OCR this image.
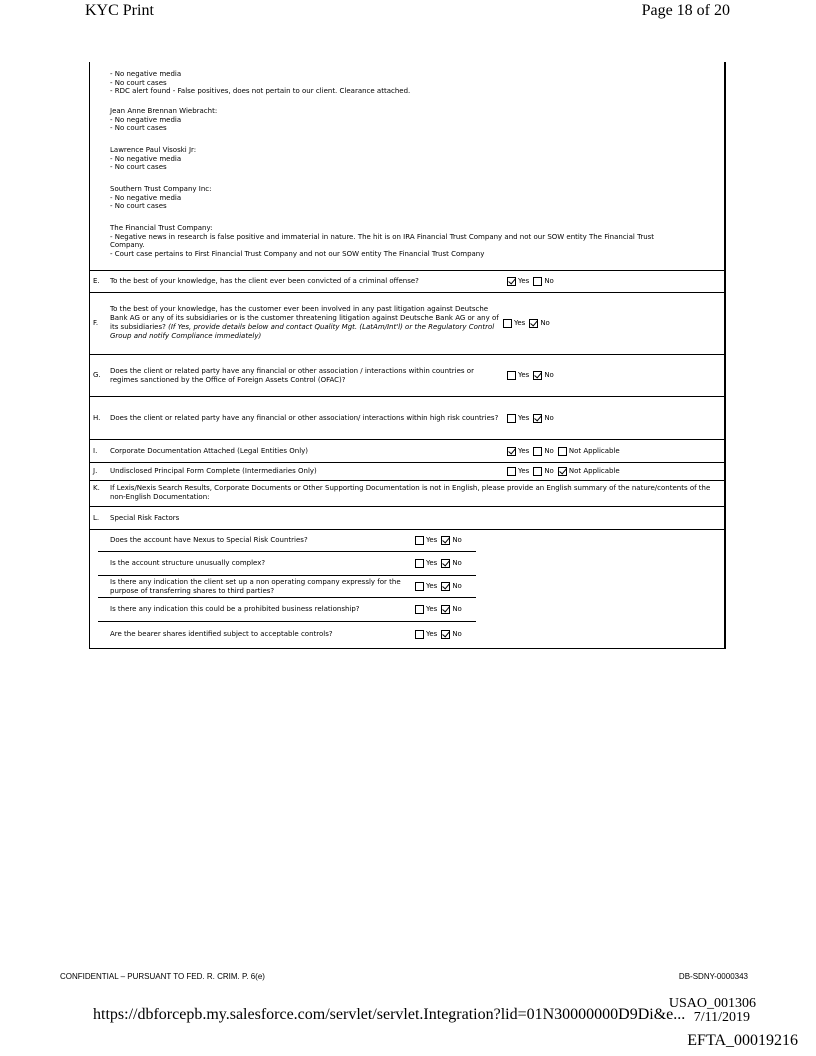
KYC Print	Page 18 of 20
- No negative media
- No court cases
- RDC alert found - False positives, does not pertain to our client. Clearance attached.
Jean Anne Brennan Wiebracht:
- No negative media
- No court cases
Lawrence Paul Visoski Jr:
- No negative media
- No court cases
Southern Trust Company Inc:
- No negative media
- No court cases
The Financial Trust Company:
- Negative news in research is false positive and immaterial in nature. The hit is on IRA Financial Trust Company and not our SOW entity The Financial Trust
Company.
- Court case pertains to First Financial Trust Company and not our SOW entity The Financial Trust Company
E. To the best of your knowledge, has the client ever been convicted of a criminal offense?	Yes No
F.
To the best of your knowledge, has the customer ever been involved in any past litigation against Deutsche Bank AG or any of its subsidiaries or is the customer threatening litigation against Deutsche Bank AG or any of its subsidiaries? (If Yes, provide details below and contact Quality Mgt. (LatAm/Int'l) or the Regulatory Control Group and notify Compliance immediately)
Yes No
G.
Does the client or related party have any financial or other association / interactions within countries or regimes sanctioned by the Office of Foreign Assets Control (OFAC)?
Yes No
H. Does the client or related party have any financial or other association/ interactions within high risk countries?	Yes No
I. Corporate Documentation Attached (Legal Entities Only)	Yes No Not Applicable
J. Undisclosed Principal Form Complete (Intermediaries Only)	Yes No Not Applicable
K. If Lexis/Nexis Search Results, Corporate Documents or Other Supporting Documentation is not in English, please provide an English summary of the nature/contents of the non-English Documentation:
L. Special Risk Factors
Does the account have Nexus to Special Risk Countries?	Yes No
Is the account structure unusually complex?	Yes No
Is there any indication the client set up a non operating company expressly for the purpose of transferring shares to third parties?
Yes No
Is there any indication this could be a prohibited business relationship?	Yes No
Are the bearer shares identified subject to acceptable controls?	Yes No
CONFIDENTIAL – PURSUANT TO FED. R. CRIM. P. 6(e)	DB-SDNY-0000343
USAO_001306
https://dbforcepb.my.salesforce.com/servlet/servlet.Integration?lid=01N30000000D9Di&e... 7/11/2019
EFTA_00019216
